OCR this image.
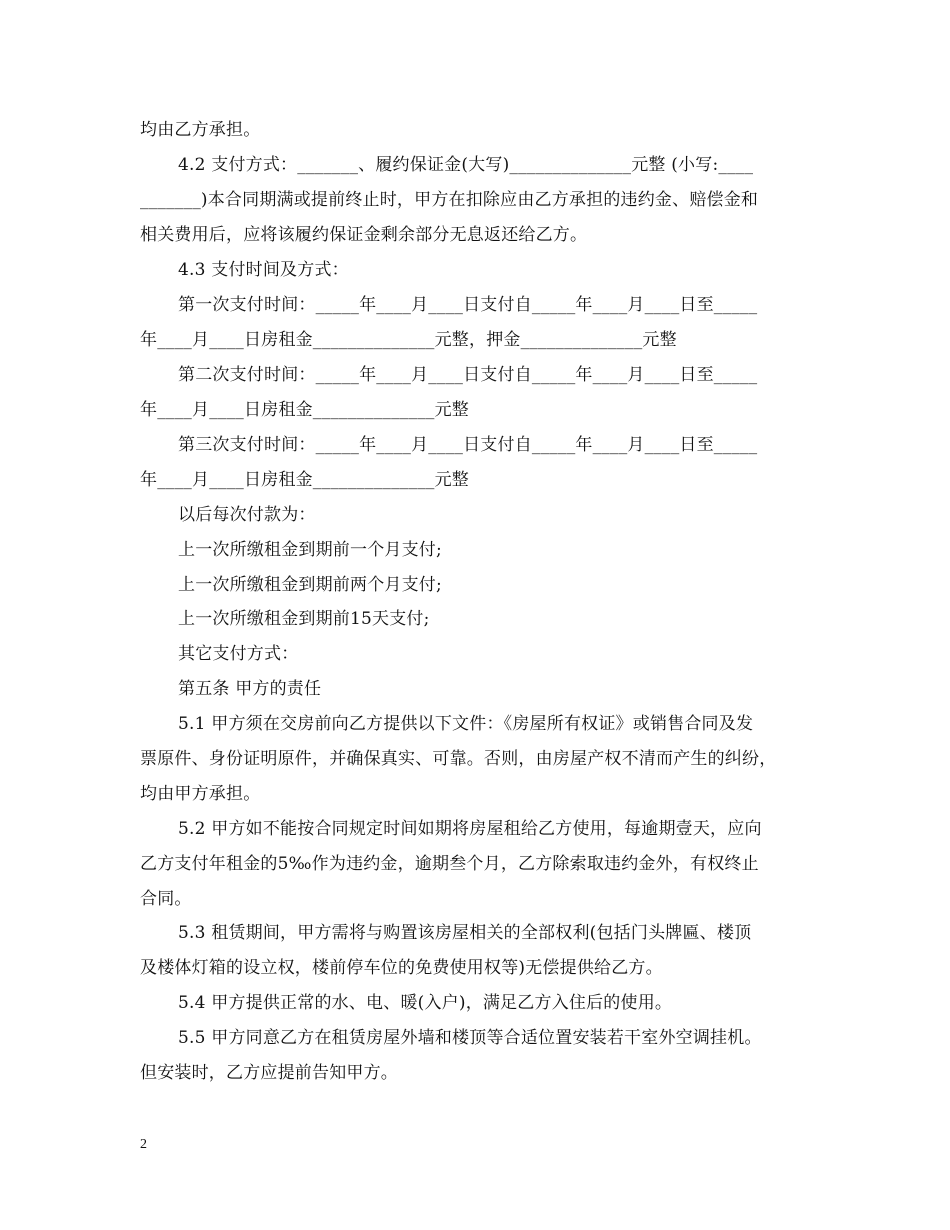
均由乙方承担。
4.2 支付方式：_______、履约保证金(大写)______________元整 (小写:____
_______)本合同期满或提前终止时，甲方在扣除应由乙方承担的违约金、赔偿金和
相关费用后，应将该履约保证金剩余部分无息返还给乙方。
4.3 支付时间及方式：
第一次支付时间：_____年____月____日支付自_____年____月____日至_____
年____月____日房租金______________元整，押金______________元整
第二次支付时间：_____年____月____日支付自_____年____月____日至_____
年____月____日房租金______________元整
第三次支付时间：_____年____月____日支付自_____年____月____日至_____
年____月____日房租金______________元整
以后每次付款为：
上一次所缴租金到期前一个月支付;
上一次所缴租金到期前两个月支付;
上一次所缴租金到期前15天支付;
其它支付方式：
第五条 甲方的责任
5.1 甲方须在交房前向乙方提供以下文件：《房屋所有权证》或销售合同及发
票原件、身份证明原件，并确保真实、可靠。否则，由房屋产权不清而产生的纠纷，
均由甲方承担。
5.2 甲方如不能按合同规定时间如期将房屋租给乙方使用，每逾期壹天，应向
乙方支付年租金的5‰作为违约金，逾期叁个月，乙方除索取违约金外，有权终止
合同。
5.3 租赁期间，甲方需将与购置该房屋相关的全部权利(包括门头牌匾、楼顶
及楼体灯箱的设立权，楼前停车位的免费使用权等)无偿提供给乙方。
5.4 甲方提供正常的水、电、暖(入户)，满足乙方入住后的使用。
5.5 甲方同意乙方在租赁房屋外墙和楼顶等合适位置安装若干室外空调挂机。
但安装时，乙方应提前告知甲方。
2
